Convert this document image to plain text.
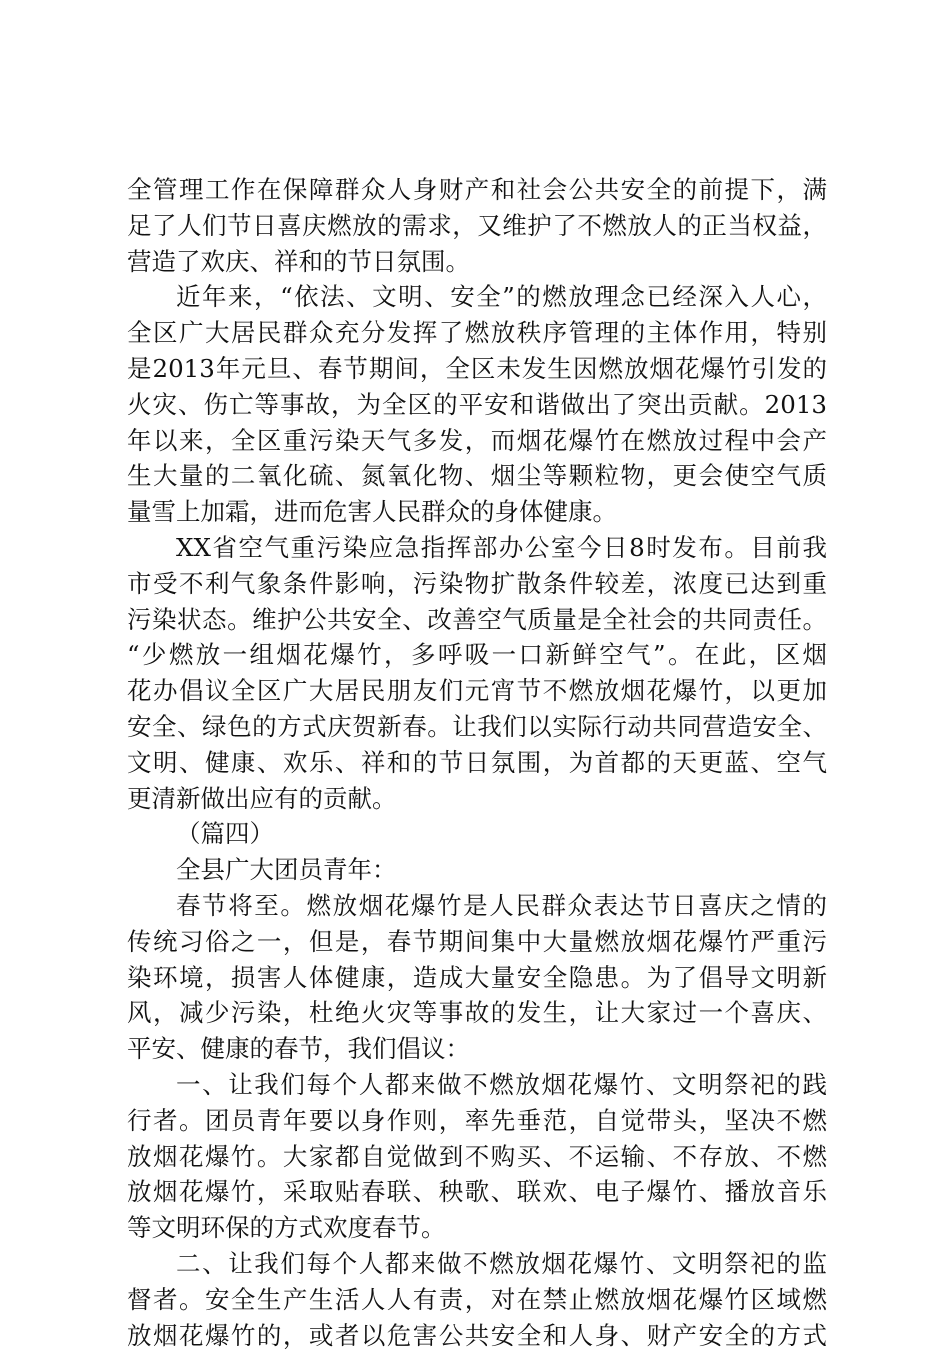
全管理工作在保障群众人身财产和社会公共安全的前提下，满
足了人们节日喜庆燃放的需求，又维护了不燃放人的正当权益，
营造了欢庆、祥和的节日氛围。
近年来，“依法、文明、安全”的燃放理念已经深入人心，
全区广大居民群众充分发挥了燃放秩序管理的主体作用，特别
是2013年元旦、春节期间，全区未发生因燃放烟花爆竹引发的
火灾、伤亡等事故，为全区的平安和谐做出了突出贡献。2013
年以来，全区重污染天气多发，而烟花爆竹在燃放过程中会产
生大量的二氧化硫、氮氧化物、烟尘等颗粒物，更会使空气质
量雪上加霜，进而危害人民群众的身体健康。
XX省空气重污染应急指挥部办公室今日8时发布。目前我
市受不利气象条件影响，污染物扩散条件较差，浓度已达到重
污染状态。维护公共安全、改善空气质量是全社会的共同责任。
“少燃放一组烟花爆竹，多呼吸一口新鲜空气”。在此，区烟
花办倡议全区广大居民朋友们元宵节不燃放烟花爆竹，以更加
安全、绿色的方式庆贺新春。让我们以实际行动共同营造安全、
文明、健康、欢乐、祥和的节日氛围，为首都的天更蓝、空气
更清新做出应有的贡献。
（篇四）
全县广大团员青年：
春节将至。燃放烟花爆竹是人民群众表达节日喜庆之情的
传统习俗之一，但是，春节期间集中大量燃放烟花爆竹严重污
染环境，损害人体健康，造成大量安全隐患。为了倡导文明新
风，减少污染，杜绝火灾等事故的发生，让大家过一个喜庆、
平安、健康的春节，我们倡议：
一、让我们每个人都来做不燃放烟花爆竹、文明祭祀的践
行者。团员青年要以身作则，率先垂范，自觉带头，坚决不燃
放烟花爆竹。大家都自觉做到不购买、不运输、不存放、不燃
放烟花爆竹，采取贴春联、秧歌、联欢、电子爆竹、播放音乐
等文明环保的方式欢度春节。
二、让我们每个人都来做不燃放烟花爆竹、文明祭祀的监
督者。安全生产生活人人有责，对在禁止燃放烟花爆竹区域燃
放烟花爆竹的，或者以危害公共安全和人身、财产安全的方式
